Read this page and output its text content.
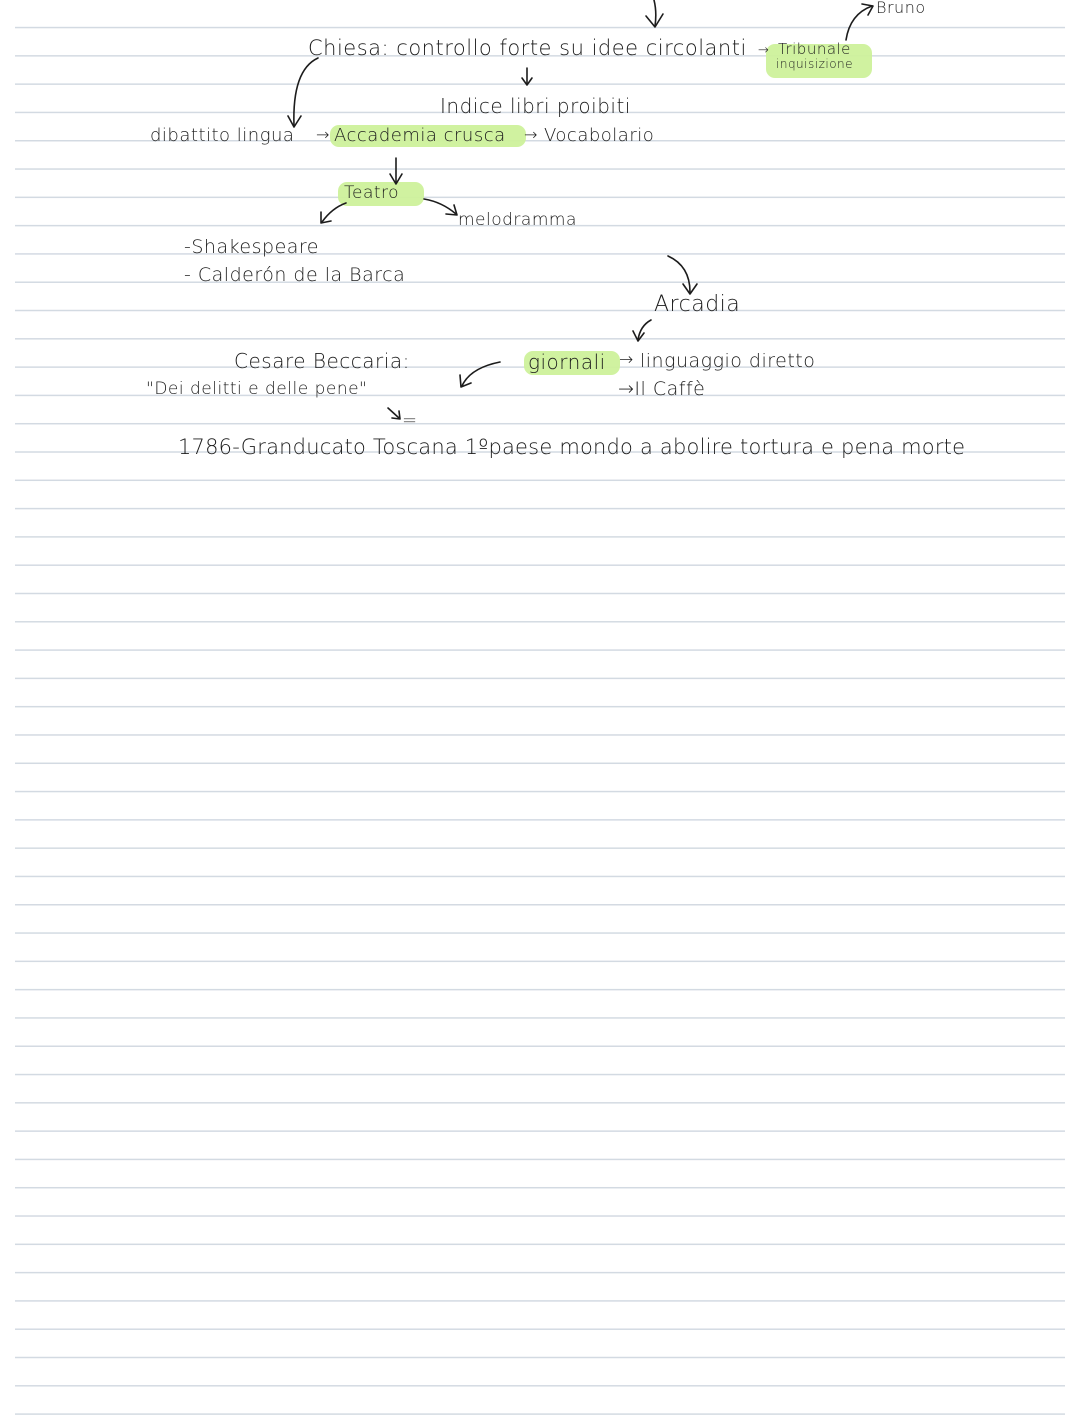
Bruno
Chiesa: controllo forte su idee circolanti Tribunale
inquisizione
→
Indice libri proibiti
dibattito lingua → Accademia crusca → Vocabolario
Teatro
melodramma
-Shakespeare
- Calderón de la Barca
Arcadia
Cesare Beccaria:
"Dei delitti e delle pene"
giornali → linguaggio diretto
→Il Caffè
=
1786-Granducato Toscana 1ºpaese mondo a abolire tortura e pena morte
